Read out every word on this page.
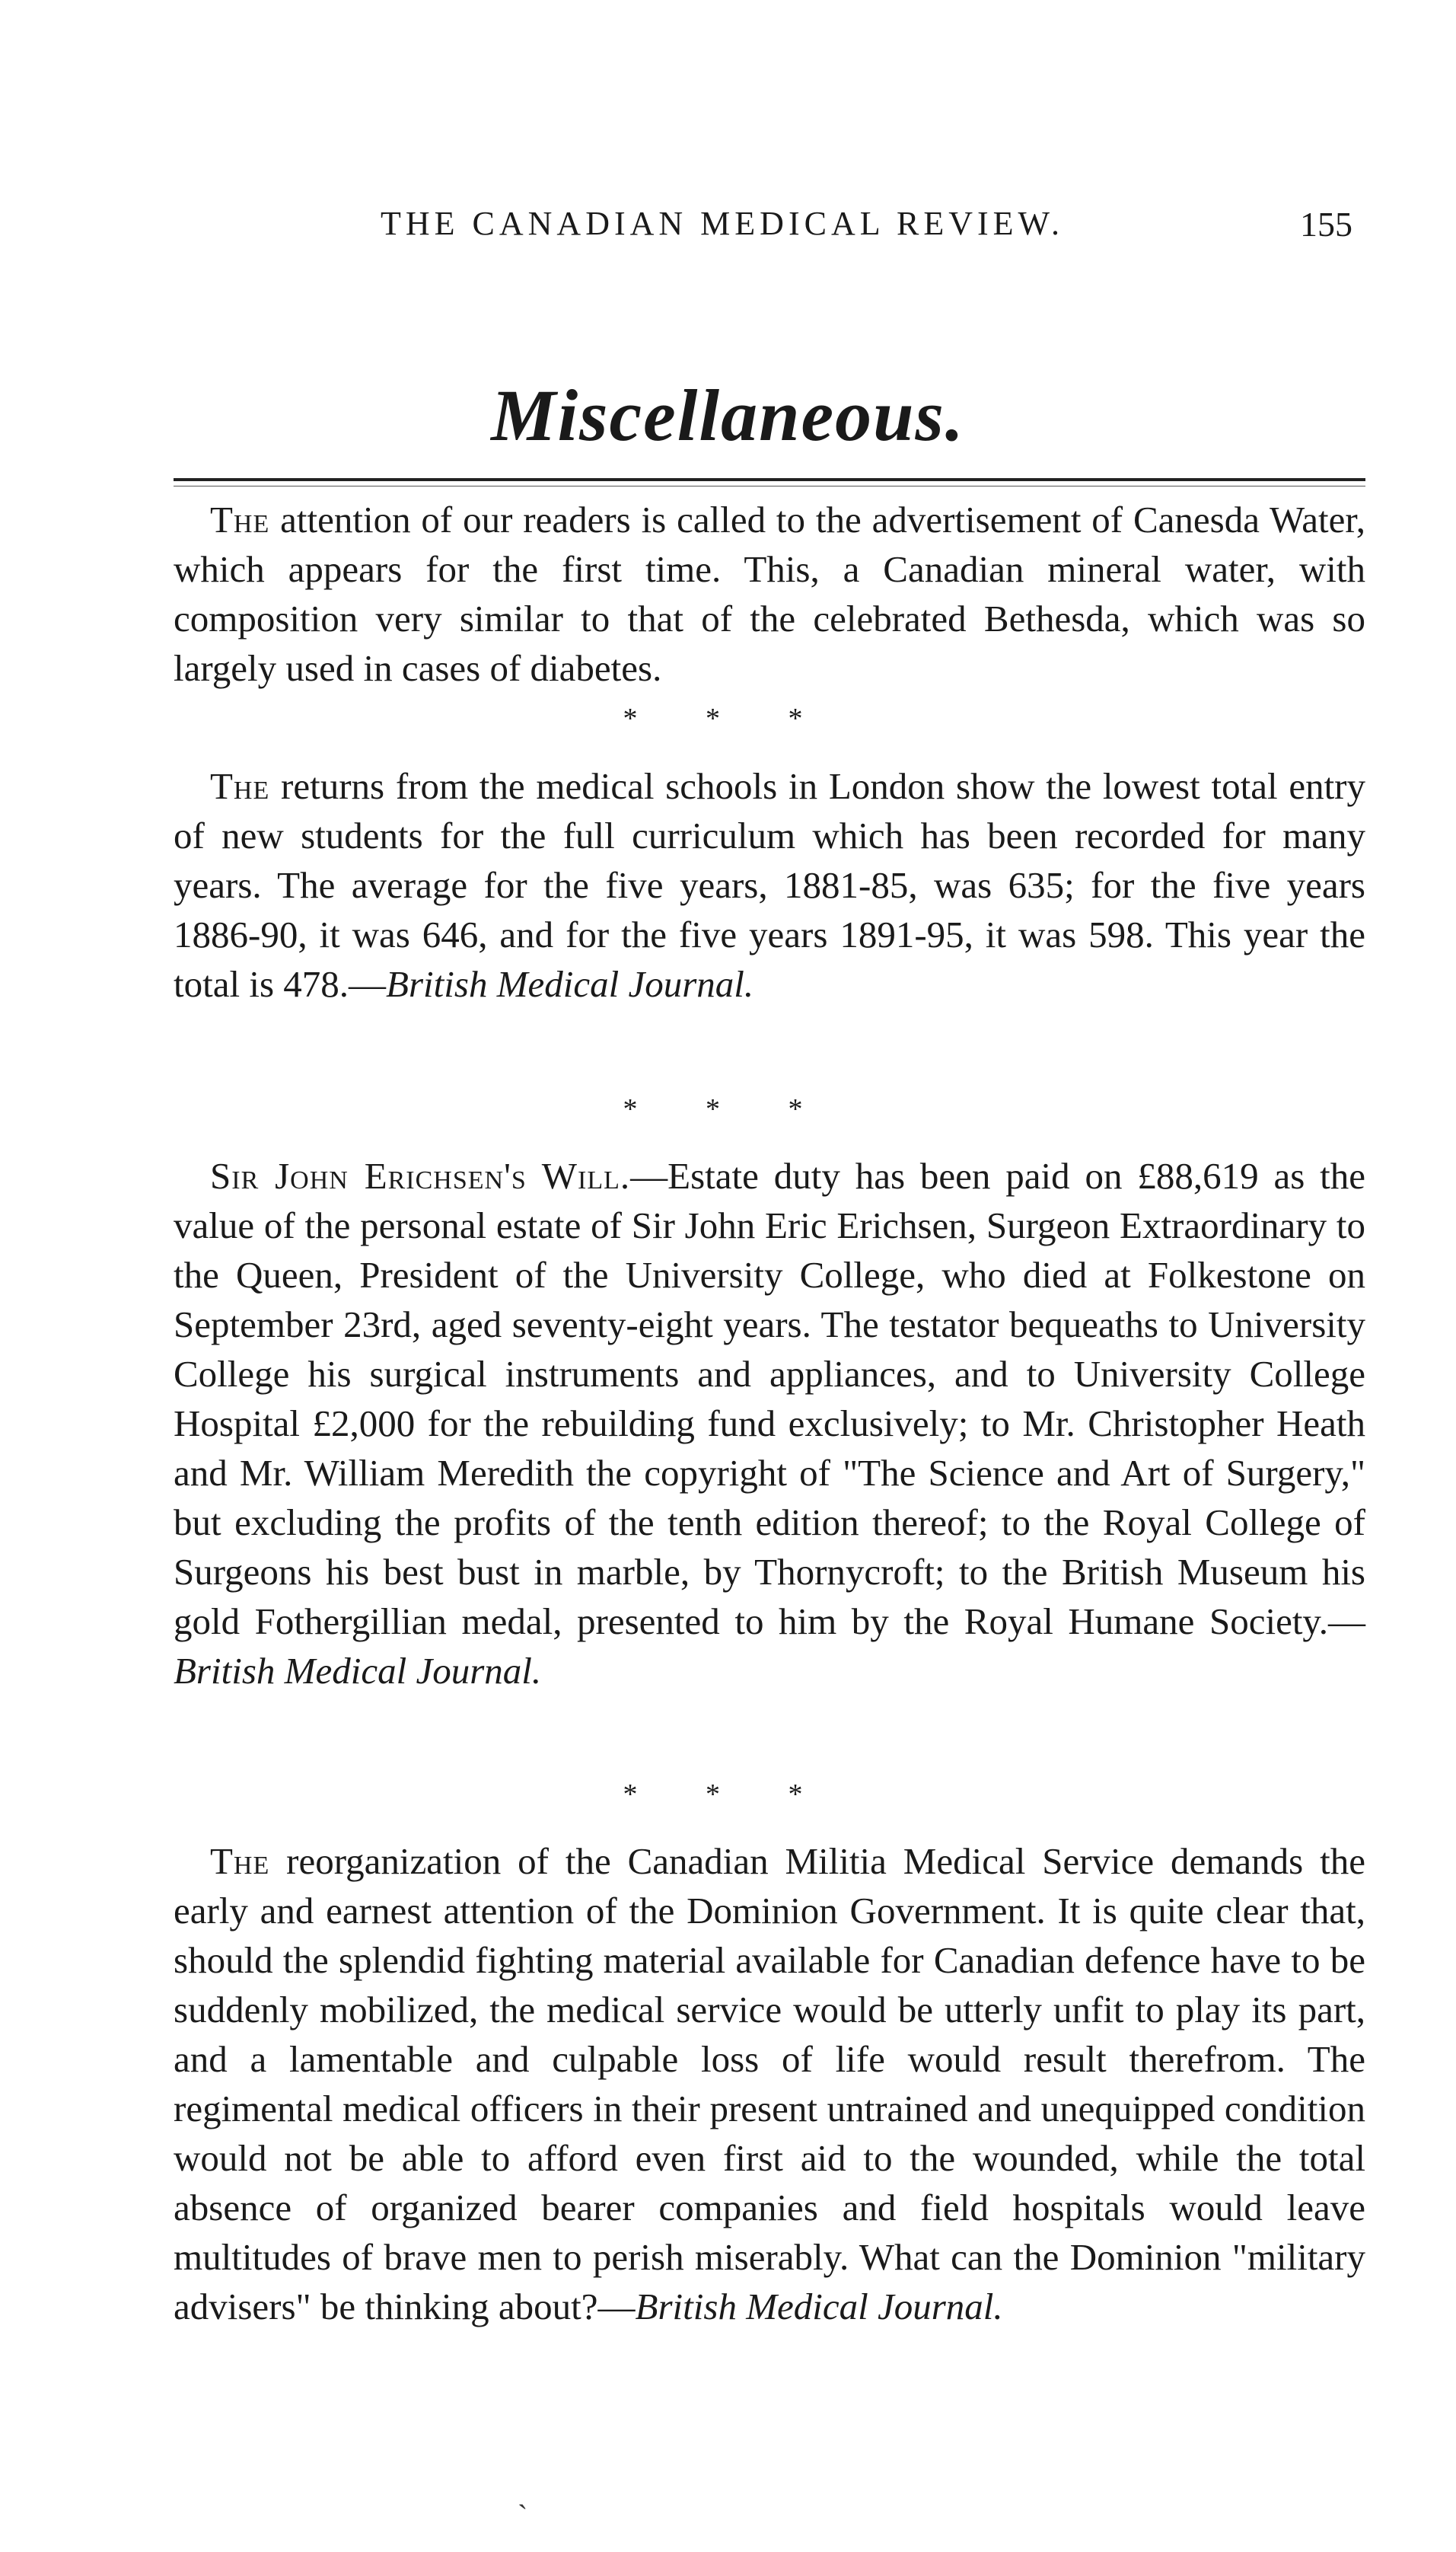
THE CANADIAN MEDICAL REVIEW.	155
Miscellaneous.

The attention of our readers is called to the advertisement of Canesda Water, which appears for the first time. This, a Canadian mineral water, with composition very similar to that of the celebrated Bethesda, which was so largely used in cases of diabetes.

* * *

The returns from the medical schools in London show the lowest total entry of new students for the full curriculum which has been recorded for many years. The average for the five years, 1881-85, was 635; for the five years 1886-90, it was 646, and for the five years 1891-95, it was 598. This year the total is 478.—British Medical Journal.

* * *

Sir John Erichsen's Will.—Estate duty has been paid on £88,619 as the value of the personal estate of Sir John Eric Erichsen, Surgeon Extraordinary to the Queen, President of the University College, who died at Folkestone on September 23rd, aged seventy-eight years. The testator bequeaths to University College his surgical instruments and appliances, and to University College Hospital £2,000 for the rebuilding fund exclusively; to Mr. Christopher Heath and Mr. William Meredith the copyright of "The Science and Art of Surgery," but excluding the profits of the tenth edition thereof; to the Royal College of Surgeons his best bust in marble, by Thornycroft; to the British Museum his gold Fothergillian medal, presented to him by the Royal Humane Society.—British Medical Journal.

* * *

The reorganization of the Canadian Militia Medical Service demands the early and earnest attention of the Dominion Government. It is quite clear that, should the splendid fighting material available for Canadian defence have to be suddenly mobilized, the medical service would be utterly unfit to play its part, and a lamentable and culpable loss of life would result therefrom. The regimental medical officers in their present untrained and unequipped condition would not be able to afford even first aid to the wounded, while the total absence of organized bearer companies and field hospitals would leave multitudes of brave men to perish miserably. What can the Dominion "military advisers" be thinking about?—British Medical Journal.

ˏ
